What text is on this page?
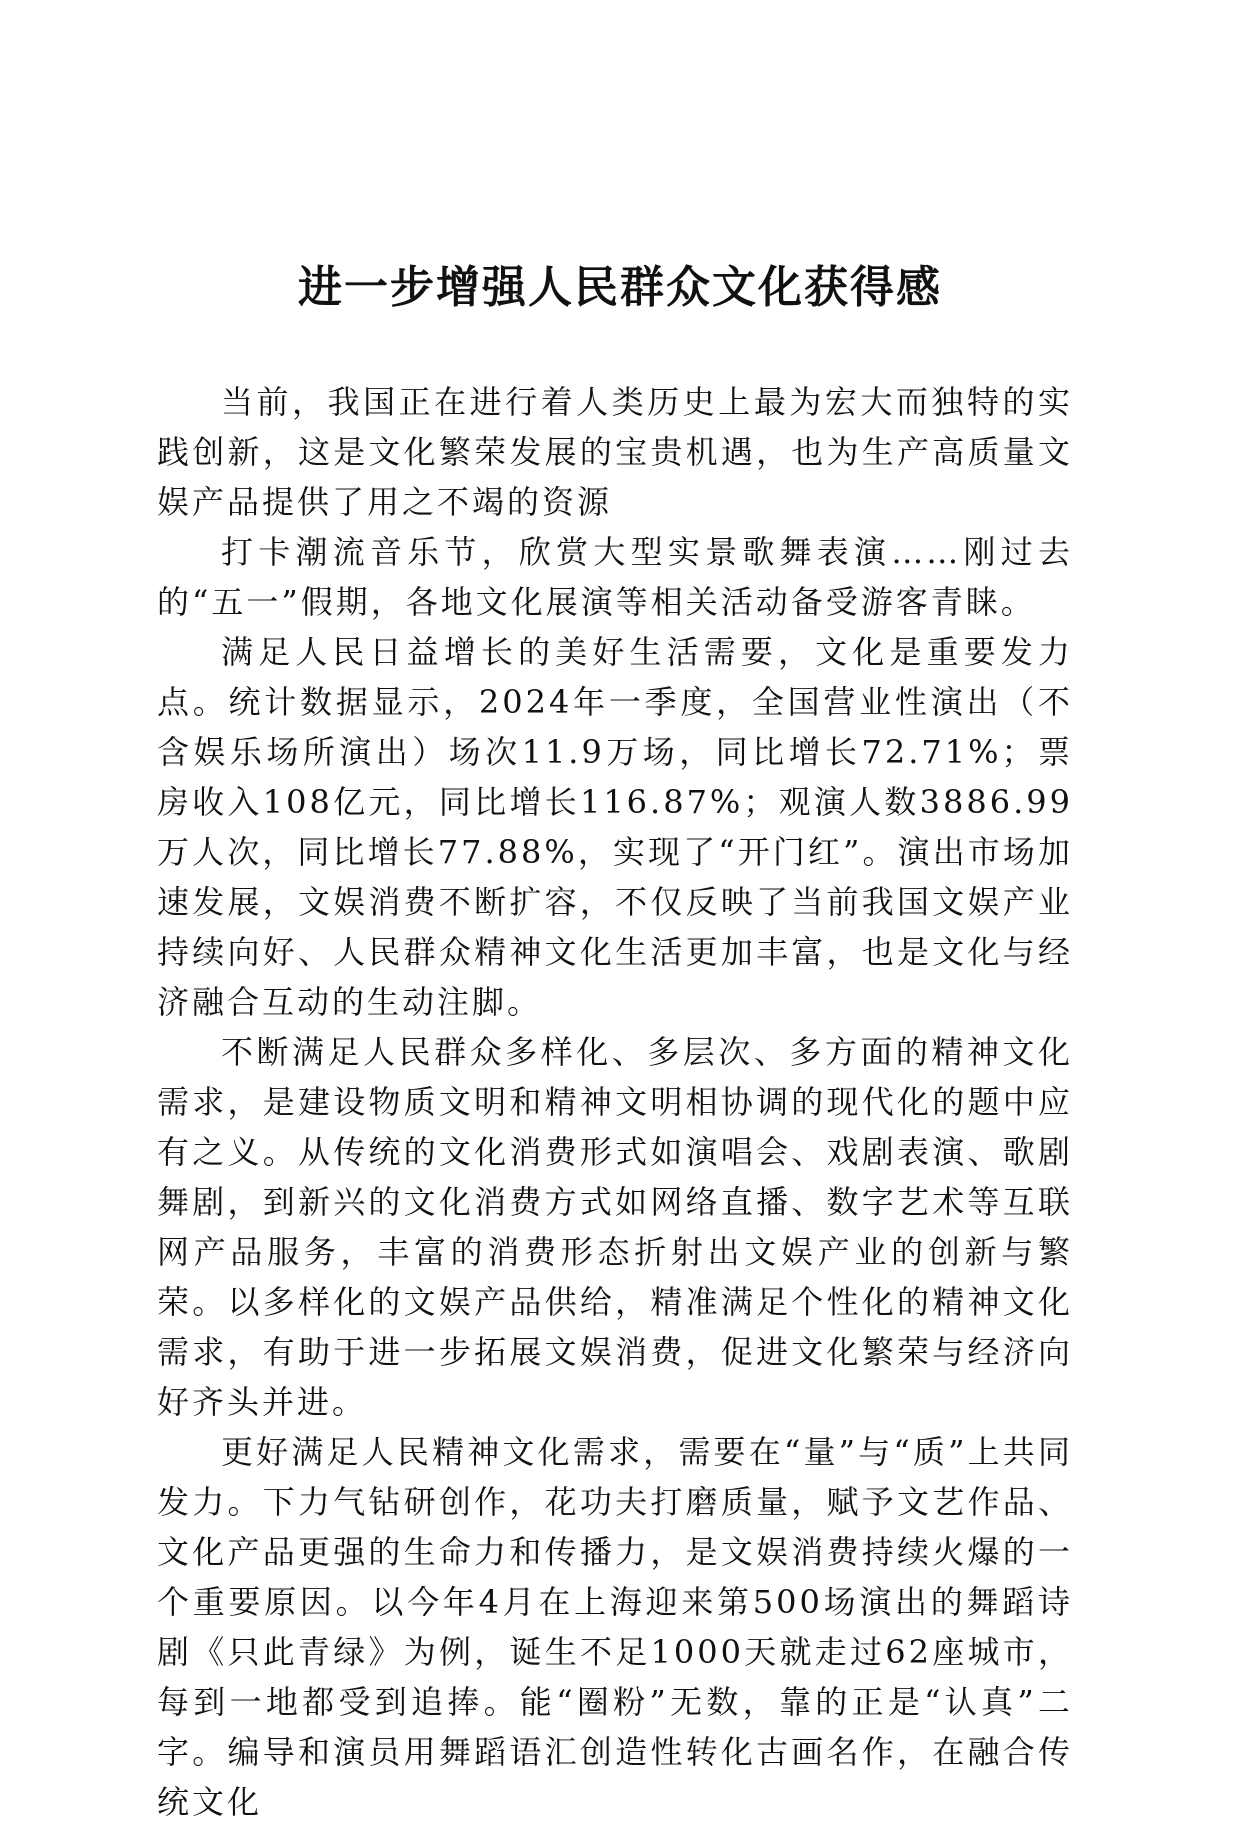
进一步增强人民群众文化获得感

当前，我国正在进行着人类历史上最为宏大而独特的实践创新，这是文化繁荣发展的宝贵机遇，也为生产高质量文娱产品提供了用之不竭的资源

打卡潮流音乐节，欣赏大型实景歌舞表演……刚过去的“五一”假期，各地文化展演等相关活动备受游客青睐。

满足人民日益增长的美好生活需要，文化是重要发力点。统计数据显示，2024年一季度，全国营业性演出（不含娱乐场所演出）场次11.9万场，同比增长72.71%；票房收入108亿元，同比增长116.87%；观演人数3886.99万人次，同比增长77.88%，实现了“开门红”。演出市场加速发展，文娱消费不断扩容，不仅反映了当前我国文娱产业持续向好、人民群众精神文化生活更加丰富，也是文化与经济融合互动的生动注脚。

不断满足人民群众多样化、多层次、多方面的精神文化需求，是建设物质文明和精神文明相协调的现代化的题中应有之义。从传统的文化消费形式如演唱会、戏剧表演、歌剧舞剧，到新兴的文化消费方式如网络直播、数字艺术等互联网产品服务，丰富的消费形态折射出文娱产业的创新与繁荣。以多样化的文娱产品供给，精准满足个性化的精神文化需求，有助于进一步拓展文娱消费，促进文化繁荣与经济向好齐头并进。

更好满足人民精神文化需求，需要在“量”与“质”上共同发力。下力气钻研创作，花功夫打磨质量，赋予文艺作品、文化产品更强的生命力和传播力，是文娱消费持续火爆的一个重要原因。以今年4月在上海迎来第500场演出的舞蹈诗剧《只此青绿》为例，诞生不足1000天就走过62座城市，每到一地都受到追捧。能“圈粉”无数，靠的正是“认真”二字。编导和演员用舞蹈语汇创造性转化古画名作，在融合传统文化
